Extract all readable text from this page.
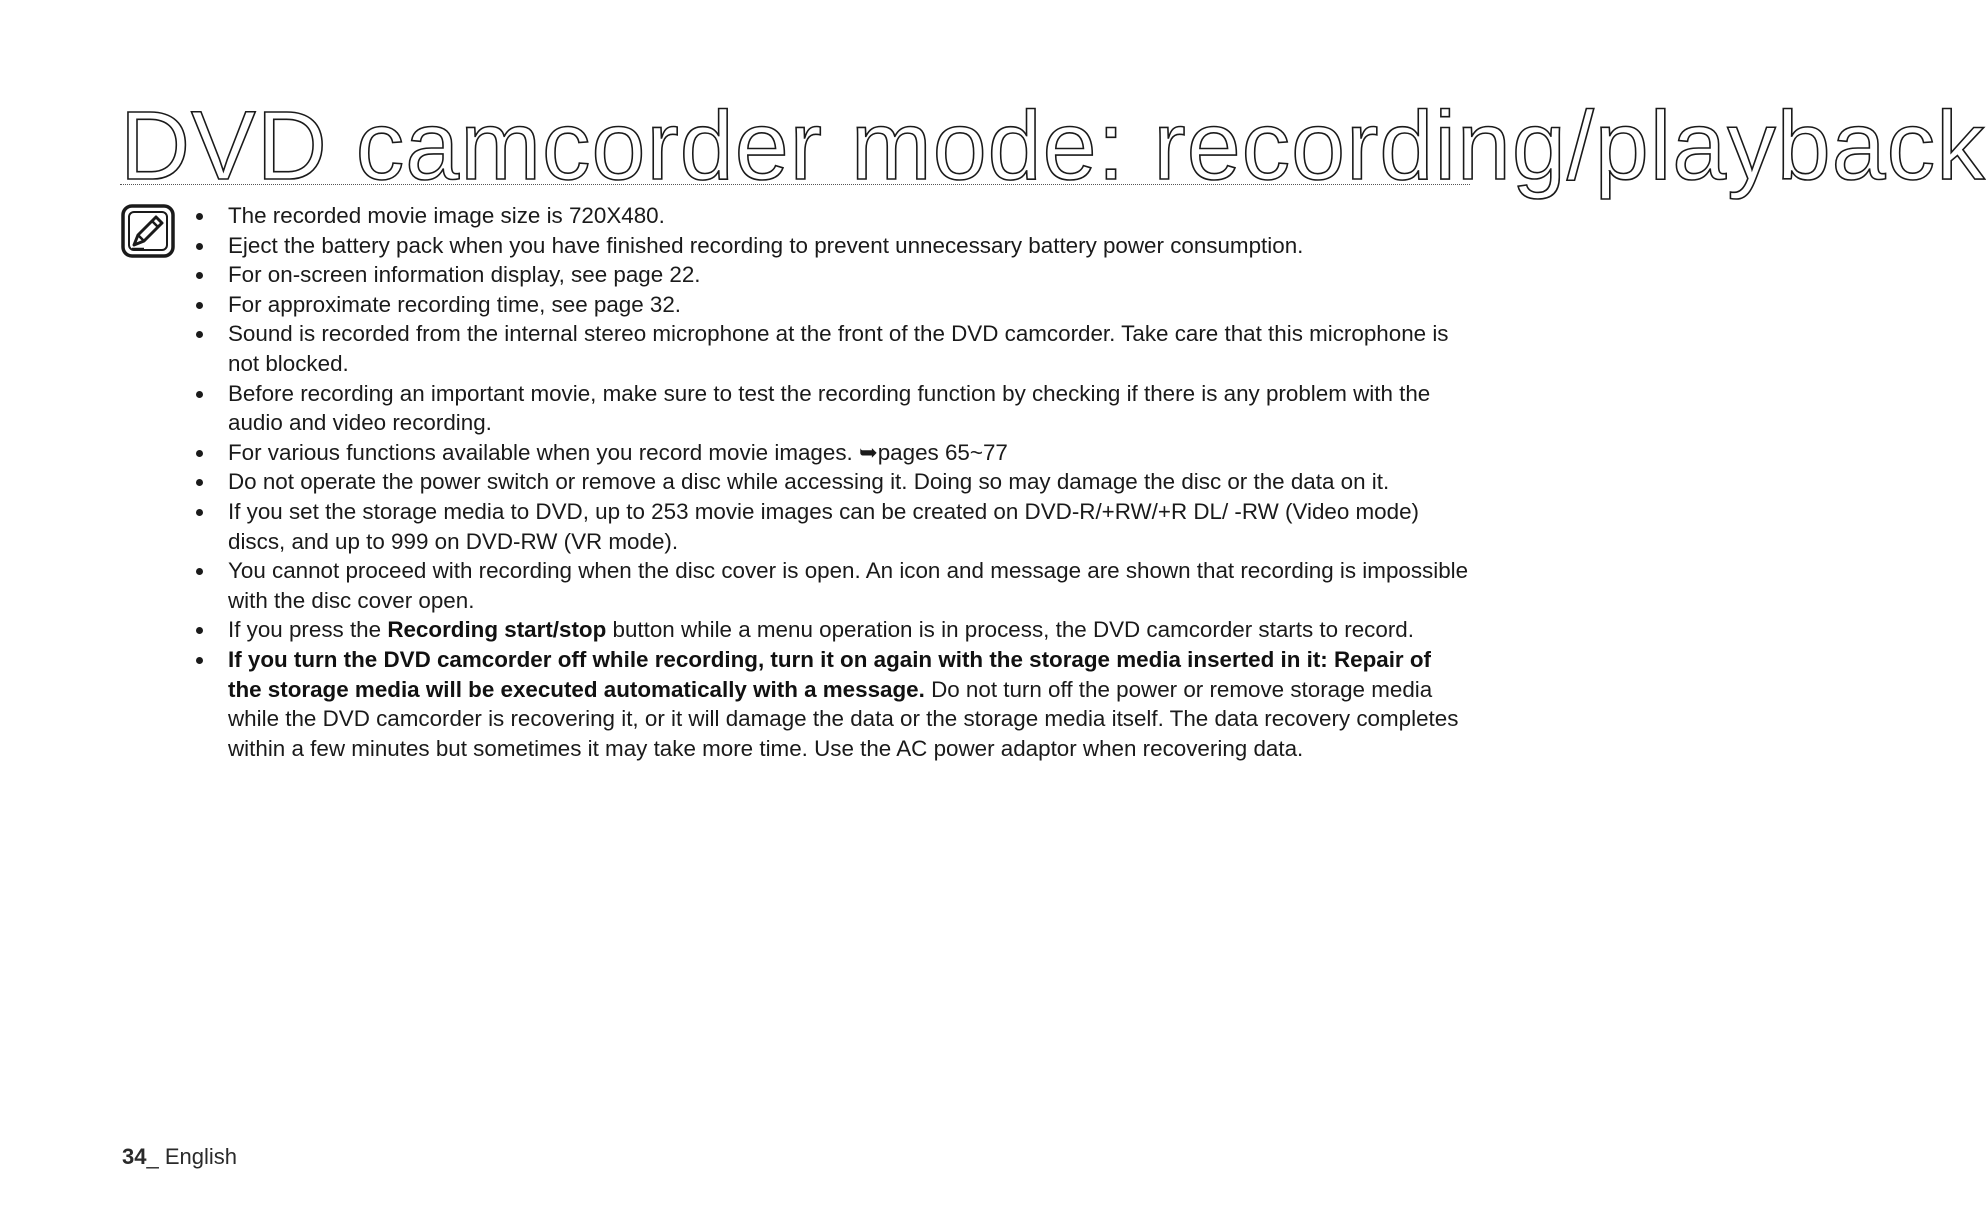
DVD camcorder mode: recording/playback
The recorded movie image size is 720X480.
Eject the battery pack when you have finished recording to prevent unnecessary battery power consumption.
For on-screen information display, see page 22.
For approximate recording time, see page 32.
Sound is recorded from the internal stereo microphone at the front of the DVD camcorder. Take care that this microphone is not blocked.
Before recording an important movie, make sure to test the recording function by checking if there is any problem with the audio and video recording.
For various functions available when you record movie images. ➥pages 65~77
Do not operate the power switch or remove a disc while accessing it. Doing so may damage the disc or the data on it.
If you set the storage media to DVD, up to 253 movie images can be created on DVD-R/+RW/+R DL/ -RW (Video mode) discs, and up to 999 on DVD-RW (VR mode).
You cannot proceed with recording when the disc cover is open. An icon and message are shown that recording is impossible with the disc cover open.
If you press the Recording start/stop button while a menu operation is in process, the DVD camcorder starts to record.
If you turn the DVD camcorder off while recording, turn it on again with the storage media inserted in it: Repair of the storage media will be executed automatically with a message. Do not turn off the power or remove storage media while the DVD camcorder is recovering it, or it will damage the data or the storage media itself. The data recovery completes within a few minutes but sometimes it may take more time. Use the AC power adaptor when recovering data.
34_ English
